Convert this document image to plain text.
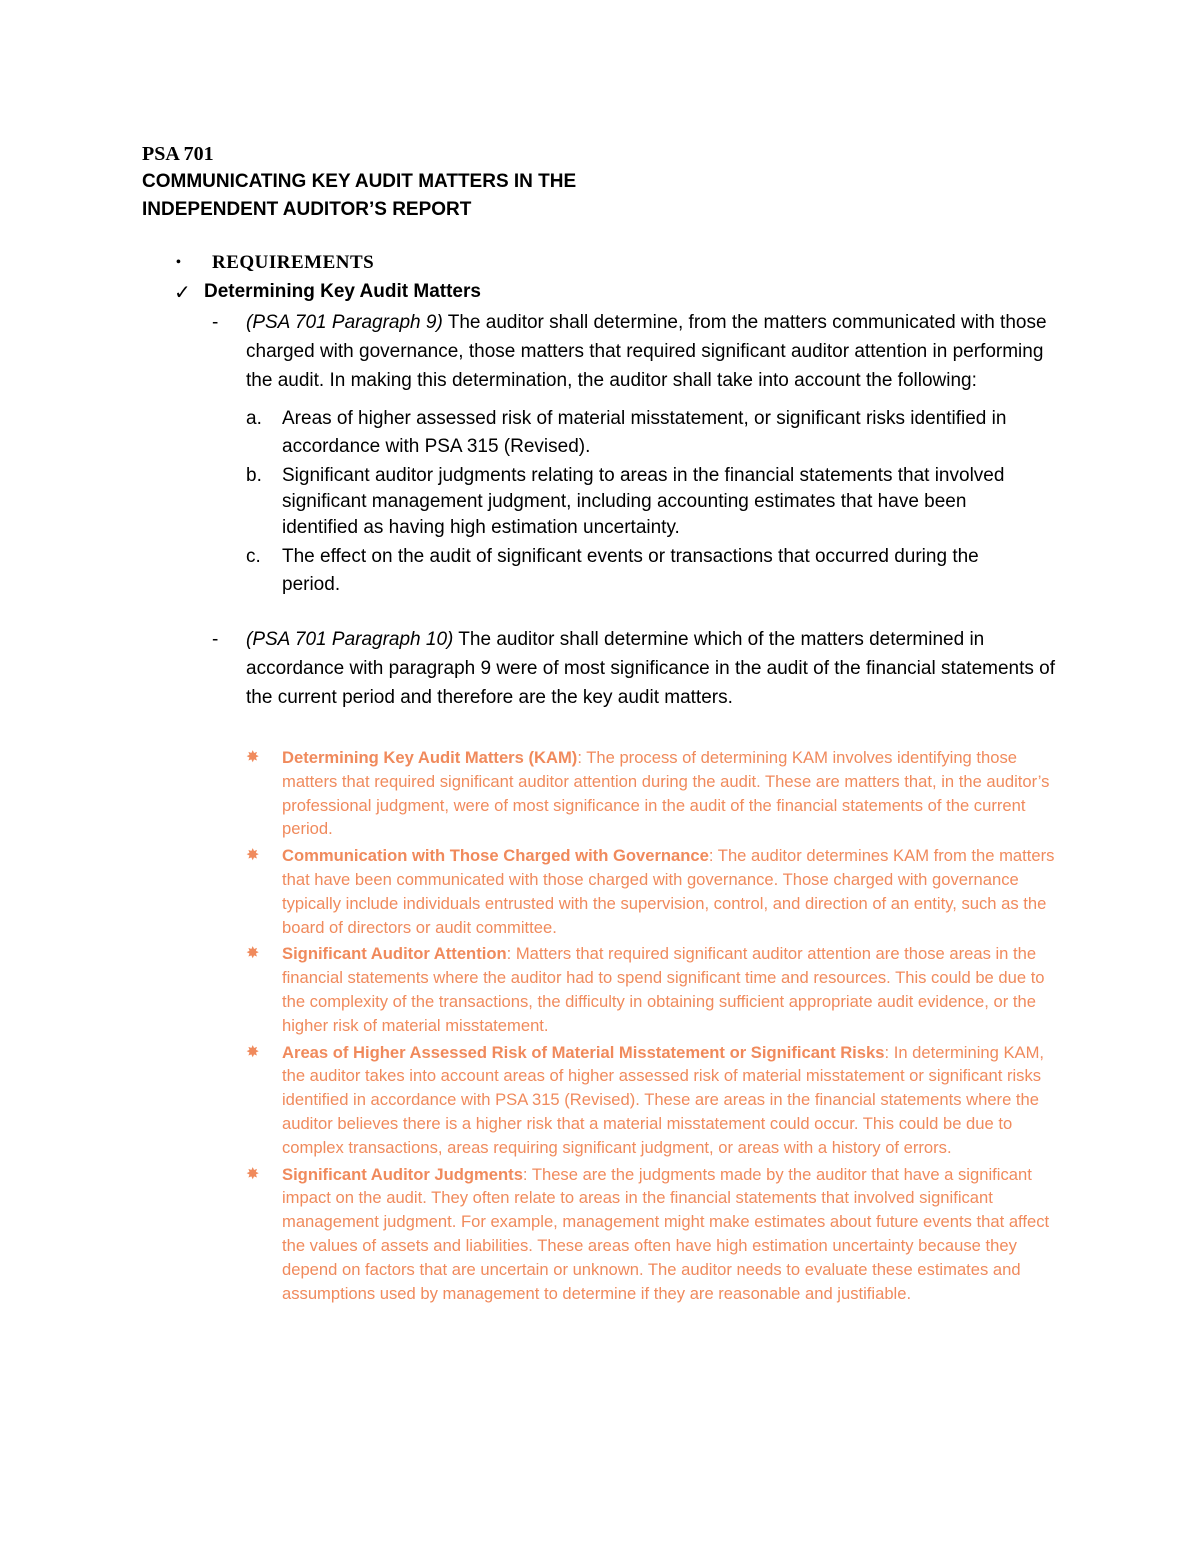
PSA 701

COMMUNICATING KEY AUDIT MATTERS IN THE

INDEPENDENT AUDITOR’S REPORT

• REQUIREMENTS
✓ Determining Key Audit Matters
- (PSA 701 Paragraph 9) The auditor shall determine, from the matters communicated with those charged with governance, those matters that required significant auditor attention in performing the audit. In making this determination, the auditor shall take into account the following:
a. Areas of higher assessed risk of material misstatement, or significant risks identified in accordance with PSA 315 (Revised).
b. Significant auditor judgments relating to areas in the financial statements that involved significant management judgment, including accounting estimates that have been identified as having high estimation uncertainty.
c. The effect on the audit of significant events or transactions that occurred during the period.
- (PSA 701 Paragraph 10) The auditor shall determine which of the matters determined in accordance with paragraph 9 were of most significance in the audit of the financial statements of the current period and therefore are the key audit matters.
✸ Determining Key Audit Matters (KAM): The process of determining KAM involves identifying those matters that required significant auditor attention during the audit. These are matters that, in the auditor’s professional judgment, were of most significance in the audit of the financial statements of the current period.
✸ Communication with Those Charged with Governance: The auditor determines KAM from the matters that have been communicated with those charged with governance. Those charged with governance typically include individuals entrusted with the supervision, control, and direction of an entity, such as the board of directors or audit committee.
✸ Significant Auditor Attention: Matters that required significant auditor attention are those areas in the financial statements where the auditor had to spend significant time and resources. This could be due to the complexity of the transactions, the difficulty in obtaining sufficient appropriate audit evidence, or the higher risk of material misstatement.
✸ Areas of Higher Assessed Risk of Material Misstatement or Significant Risks: In determining KAM, the auditor takes into account areas of higher assessed risk of material misstatement or significant risks identified in accordance with PSA 315 (Revised). These are areas in the financial statements where the auditor believes there is a higher risk that a material misstatement could occur. This could be due to complex transactions, areas requiring significant judgment, or areas with a history of errors.
✸ Significant Auditor Judgments: These are the judgments made by the auditor that have a significant impact on the audit. They often relate to areas in the financial statements that involved significant management judgment. For example, management might make estimates about future events that affect the values of assets and liabilities. These areas often have high estimation uncertainty because they depend on factors that are uncertain or unknown. The auditor needs to evaluate these estimates and assumptions used by management to determine if they are reasonable and justifiable.
